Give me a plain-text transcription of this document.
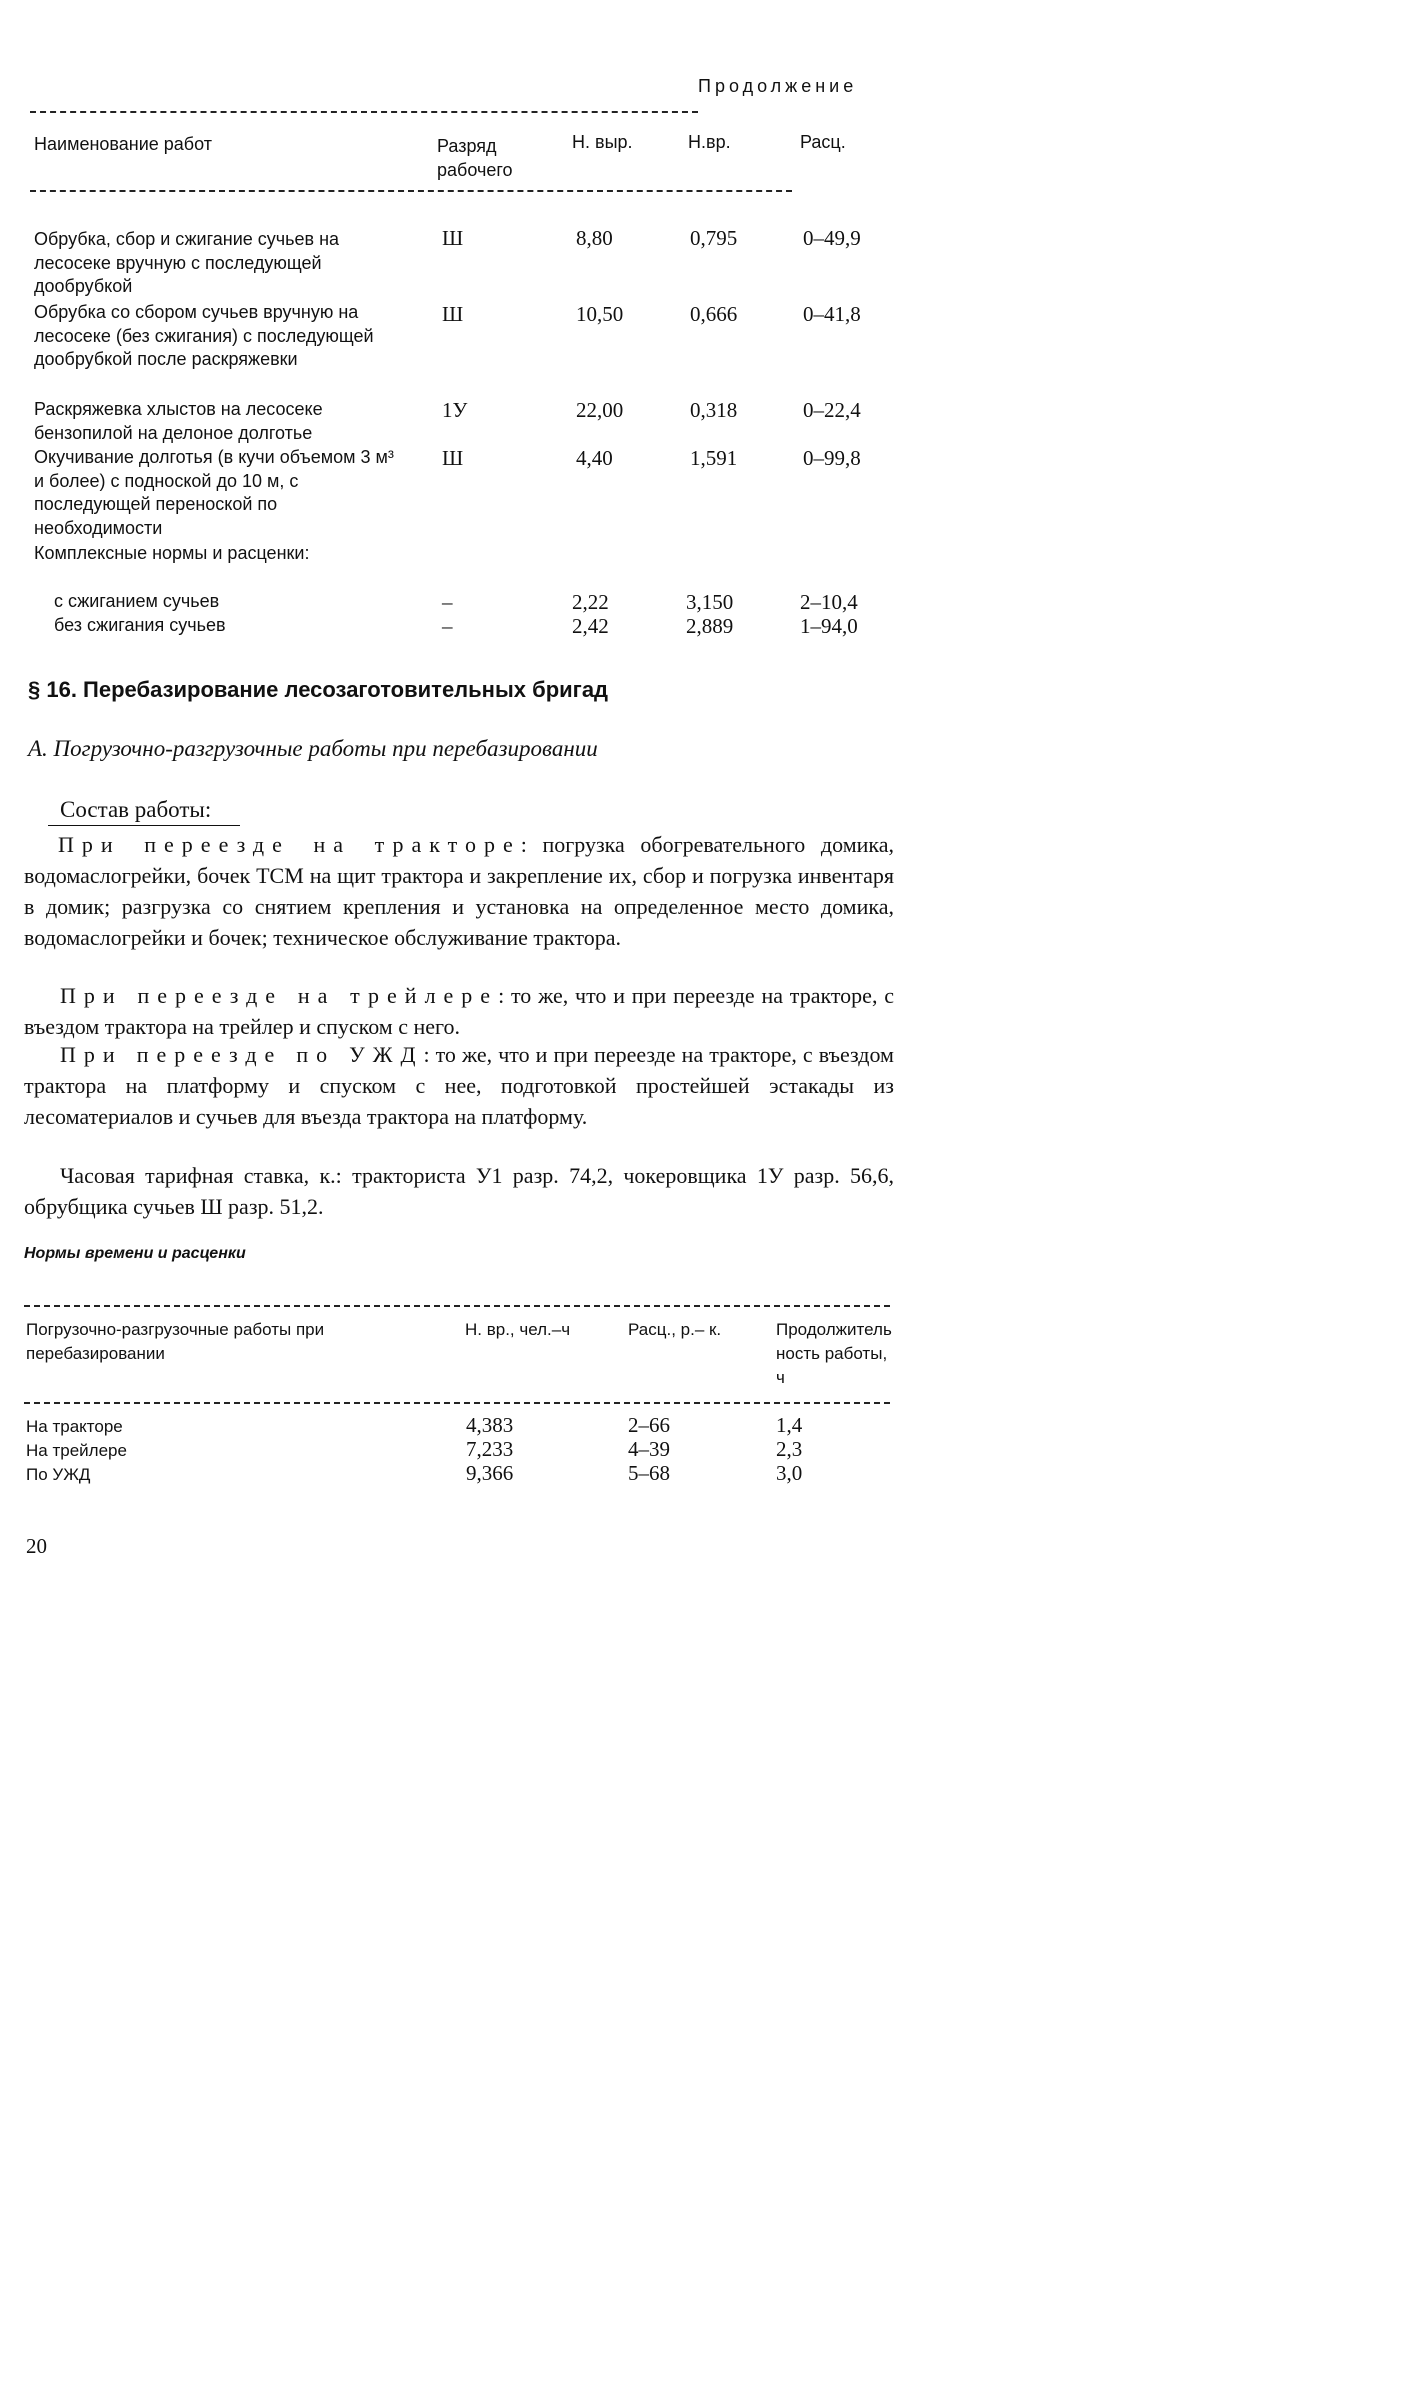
Продолжение
Наименование работ	Разряд рабочего
Н. выр.	Н.вр.	Расц.
Обрубка, сбор и сжигание сучьев на лесосеке вручную с последующей дообрубкой
Ш	8,80	0,795	0–49,9
Обрубка со сбором сучьев вручную на лесосеке (без сжигания) с последующей дообрубкой после раскряжевки
Ш	10,50	0,666	0–41,8
Раскряжевка хлыстов на лесосеке бензопилой на делоное долготье
1У	22,00	0,318	0–22,4
Окучивание долготья (в кучи объемом 3 м³ и более) с подноской до 10 м, с последующей переноской по необходимости
Ш	4,40	1,591	0–99,8
Комплексные нормы и расценки:
с сжиганием сучьев	–	2,22	3,150	2–10,4
без сжигания сучьев	–	2,42	2,889	1–94,0
§ 16. Перебазирование лесозаготовительных бригад
А. Погрузочно-разгрузочные работы при перебазировании
Состав работы:
При переезде на тракторе: погрузка обогревательного домика, водомаслогрейки, бочек ТСМ на щит трактора и закрепление их, сбор и погрузка инвентаря в домик; разгрузка со снятием крепления и установка на определенное место домика, водомаслогрейки и бочек; техническое обслуживание трактора.
При переезде на трейлере: то же, что и при переезде на тракторе, с въездом трактора на трейлер и спуском с него.
При переезде по УЖД: то же, что и при переезде на тракторе, с въездом трактора на платформу и спуском с нее, подготовкой простейшей эстакады из лесоматериалов и сучьев для въезда трактора на платформу.
Часовая тарифная ставка, к.: тракториста У1 разр. 74,2, чокеровщика 1У разр. 56,6, обрубщика сучьев Ш разр. 51,2.
Нормы времени и расценки
Погрузочно-разгрузочные работы при перебазировании
Н. вр., чел.–ч	Расц., р.– к.	Продолжительность работы, ч
На тракторе	4,383	2–66	1,4
На трейлере	7,233	4–39	2,3
По УЖД	9,366	5–68	3,0
20
